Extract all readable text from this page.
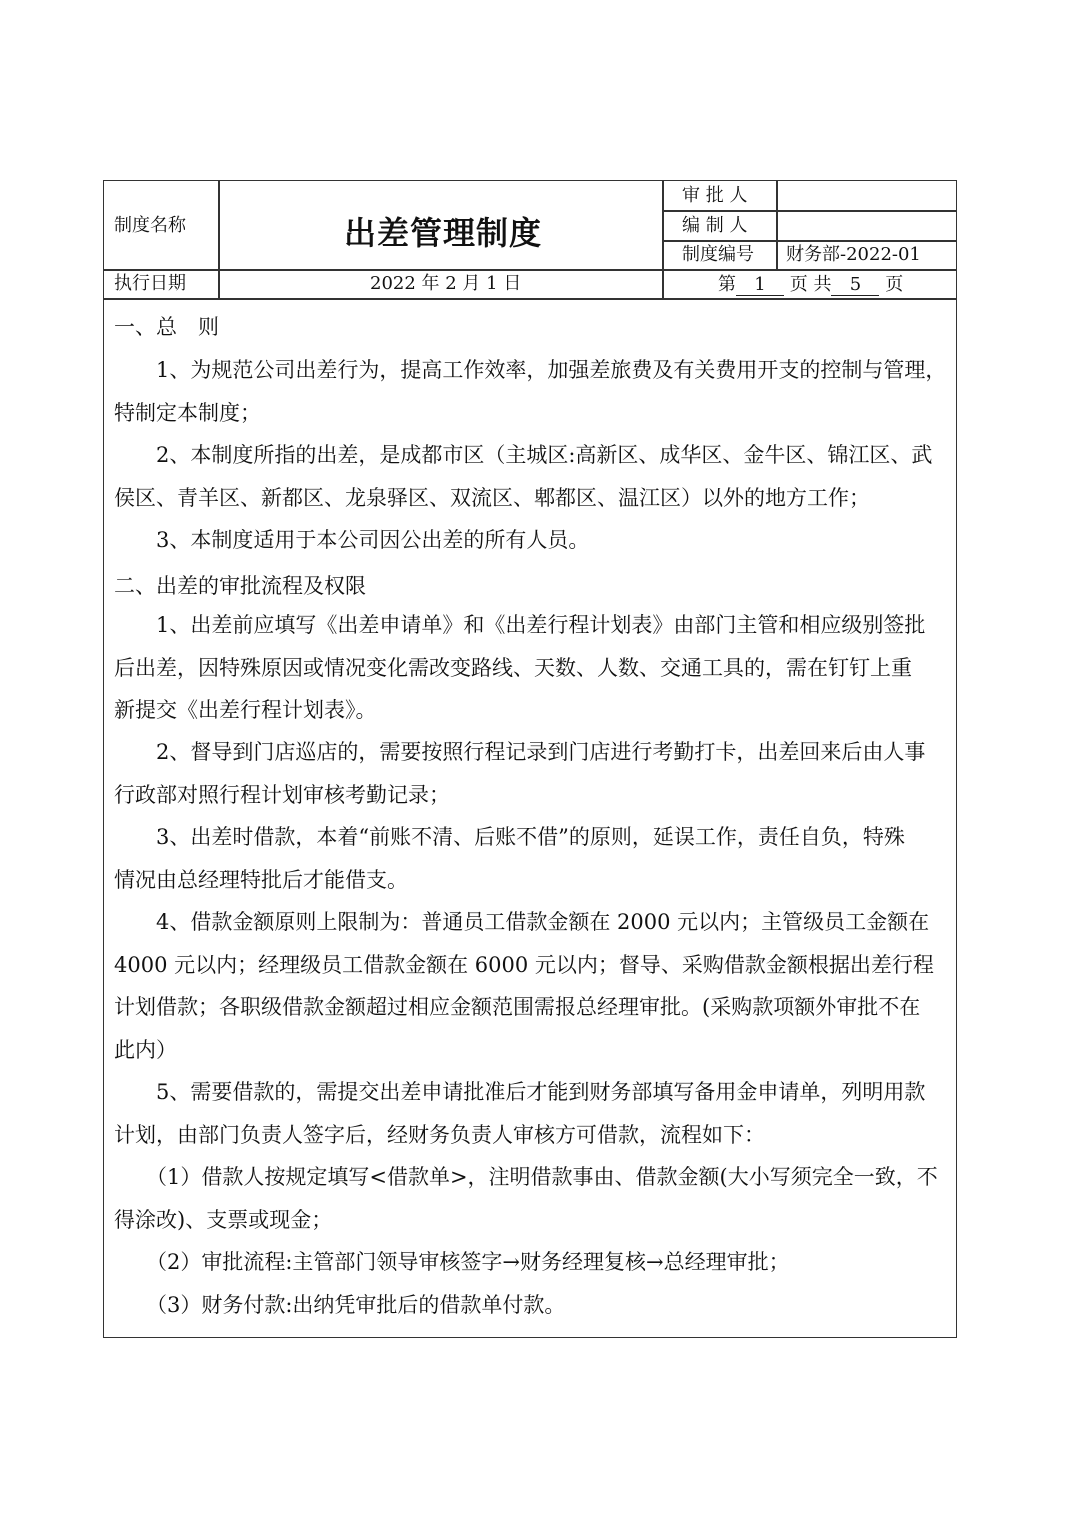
制度名称	出差管理制度
审 批 人
编 制 人
制度编号 财务部-2022-01
执行日期	2022 年 2 月 1 日	第 1 页 共 5 页
一、总　则
1、为规范公司出差行为，提高工作效率，加强差旅费及有关费用开支的控制与管理，
特制定本制度；
2、本制度所指的出差，是成都市区（主城区:高新区、成华区、金牛区、锦江区、武
侯区、青羊区、新都区、龙泉驿区、双流区、郫都区、温江区）以外的地方工作；
3、本制度适用于本公司因公出差的所有人员。
二、出差的审批流程及权限
1、出差前应填写《出差申请单》和《出差行程计划表》由部门主管和相应级别签批
后出差，因特殊原因或情况变化需改变路线、天数、人数、交通工具的，需在钉钉上重
新提交《出差行程计划表》。
2、督导到门店巡店的，需要按照行程记录到门店进行考勤打卡，出差回来后由人事
行政部对照行程计划审核考勤记录；
3、出差时借款，本着“前账不清、后账不借”的原则，延误工作，责任自负，特殊
情况由总经理特批后才能借支。
4、借款金额原则上限制为：普通员工借款金额在 2000 元以内；主管级员工金额在
4000 元以内；经理级员工借款金额在 6000 元以内；督导、采购借款金额根据出差行程
计划借款；各职级借款金额超过相应金额范围需报总经理审批。(采购款项额外审批不在
此内）
5、需要借款的，需提交出差申请批准后才能到财务部填写备用金申请单，列明用款
计划，由部门负责人签字后，经财务负责人审核方可借款，流程如下：
（1）借款人按规定填写<借款单>，注明借款事由、借款金额(大小写须完全一致，不
得涂改)、支票或现金；
（2）审批流程:主管部门领导审核签字→财务经理复核→总经理审批；
（3）财务付款:出纳凭审批后的借款单付款。
